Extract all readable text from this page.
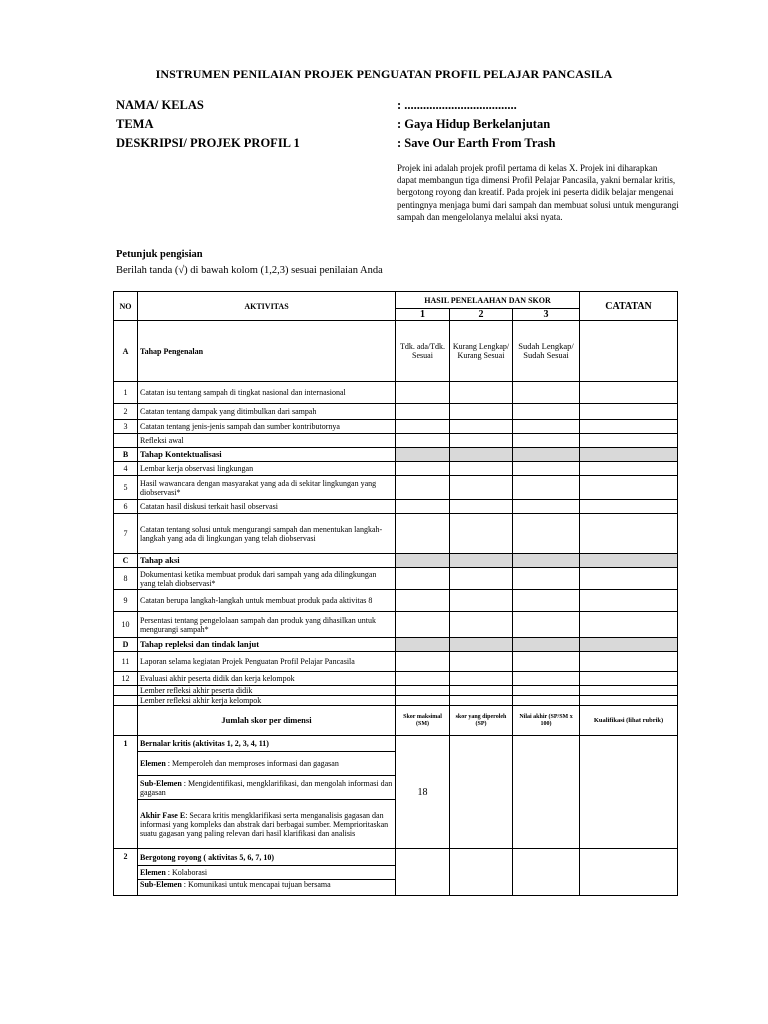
INSTRUMEN PENILAIAN PROJEK PENGUATAN PROFIL PELAJAR PANCASILA
NAMA/ KELAS	: ....................................
TEMA	: Gaya Hidup Berkelanjutan
DESKRIPSI/ PROJEK PROFIL 1	: Save Our Earth From Trash
Projek ini adalah projek profil pertama di kelas X. Projek ini diharapkan dapat membangun tiga dimensi Profil Pelajar Pancasila, yakni bernalar kritis, bergotong royong dan kreatif. Pada projek ini peserta didik belajar mengenai pentingnya menjaga bumi dari sampah dan membuat solusi untuk mengurangi sampah dan mengelolanya melalui aksi nyata.
Petunjuk pengisian
Berilah tanda (√) di bawah kolom (1,2,3) sesuai penilaian Anda
NO	AKTIVITAS	HASIL PENELAAHAN DAN SKOR			CATATAN
		1	2	3	
A	Tahap Pengenalan	Tdk. ada/Tdk. Sesuai	Kurang Lengkap/ Kurang Sesuai	Sudah Lengkap/ Sudah Sesuai	
1	Catatan isu tentang sampah di tingkat nasional dan internasional				
2	Catatan tentang dampak yang ditimbulkan dari sampah				
3	Catatan tentang jenis-jenis sampah dan sumber kontributornya				
	Refleksi awal				
B	Tahap Kontektualisasi				
4	Lembar kerja observasi lingkungan				
5	Hasil wawancara dengan masyarakat yang ada di sekitar lingkungan yang diobservasi*				
6	Catatan hasil diskusi terkait hasil observasi				
7	Catatan tentang solusi untuk mengurangi sampah dan menentukan langkah-langkah yang ada di lingkungan yang telah diobservasi				
C	Tahap aksi				
8	Dokumentasi ketika membuat produk dari sampah yang ada dilingkungan yang telah diobservasi*				
9	Catatan berupa langkah-langkah untuk membuat produk pada aktivitas 8				
10	Persentasi tentang pengelolaan sampah dan produk yang dihasilkan untuk mengurangi sampah*				
D	Tahap repleksi dan tindak lanjut				
11	Laporan selama kegiatan Projek Penguatan Profil Pelajar Pancasila				
12	Evaluasi akhir peserta didik dan kerja kelompok				
	Lember refleksi akhir peserta didik				
	Lember refleksi akhir kerja kelompok				
	Jumlah skor per dimensi	Skor maksimal (SM)	skor yang diperoleh (SP)	Nilai akhir (SP/SM x 100)	Kualifikasi (lihat rubrik)
1	Bernalar kritis (aktivitas 1, 2, 3, 4, 11)	18			
	Elemen : Memperoleh dan memproses informasi dan gagasan				
	Sub-Elemen : Mengidentifikasi, mengklarifikasi, dan mengolah informasi dan gagasan				
	Akhir Fase E: Secara kritis mengklarifikasi serta menganalisis gagasan dan informasi yang kompleks dan abstrak dari berbagai sumber. Memprioritaskan suatu gagasan yang paling relevan dari hasil klarifikasi dan analisis				
2	Bergotong royong ( aktivitas 5, 6, 7, 10)				
	Elemen : Kolaborasi				
	Sub-Elemen : Komunikasi untuk mencapai tujuan bersama				
